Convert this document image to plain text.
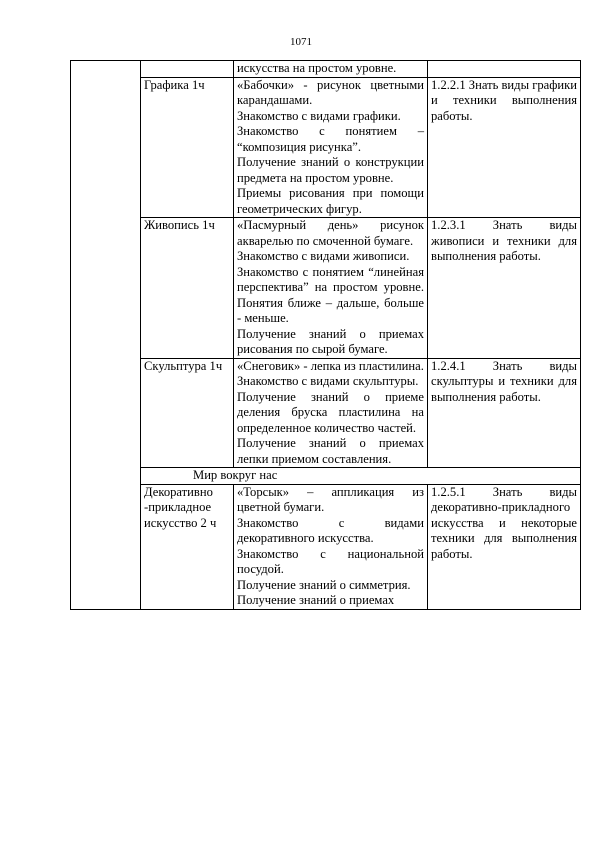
1071

		искусства на простом уровне.	

	Графика 1ч	«Бабочки» - рисунок цветными карандашами.
Знакомство с видами графики.
Знакомство с понятием – “композиция рисунка”.
Получение знаний о конструкции предмета на простом уровне.
Приемы рисования при помощи геометрических фигур.	1.2.2.1 Знать виды графики и техники выполнения работы.

	Живопись 1ч	«Пасмурный день» рисунок акварелью по смоченной бумаге.
Знакомство с видами живописи.
Знакомство с понятием “линейная перспектива” на простом уровне. Понятия ближе – дальше, больше - меньше.
Получение знаний о приемах рисования по сырой бумаге.	1.2.3.1 Знать виды живописи и техники для выполнения работы.

	Скульптура 1ч	«Снеговик» - лепка из пластилина.
Знакомство с видами скульптуры.
Получение знаний о приеме деления бруска пластилина на определенное количество частей.
Получение знаний о приемах лепки приемом составления.	1.2.4.1 Знать виды скульптуры и техники для выполнения работы.

	Мир вокруг нас		
	Декоративно -прикладное искусство 2 ч	«Торсык» – аппликация из цветной бумаги.
Знакомство с видами декоративного искусства.
Знакомство с национальной посудой.
Получение знаний о симметрия.
Получение знаний о приемах	1.2.5.1 Знать виды декоративно-прикладного искусства и некоторые техники для выполнения работы.
